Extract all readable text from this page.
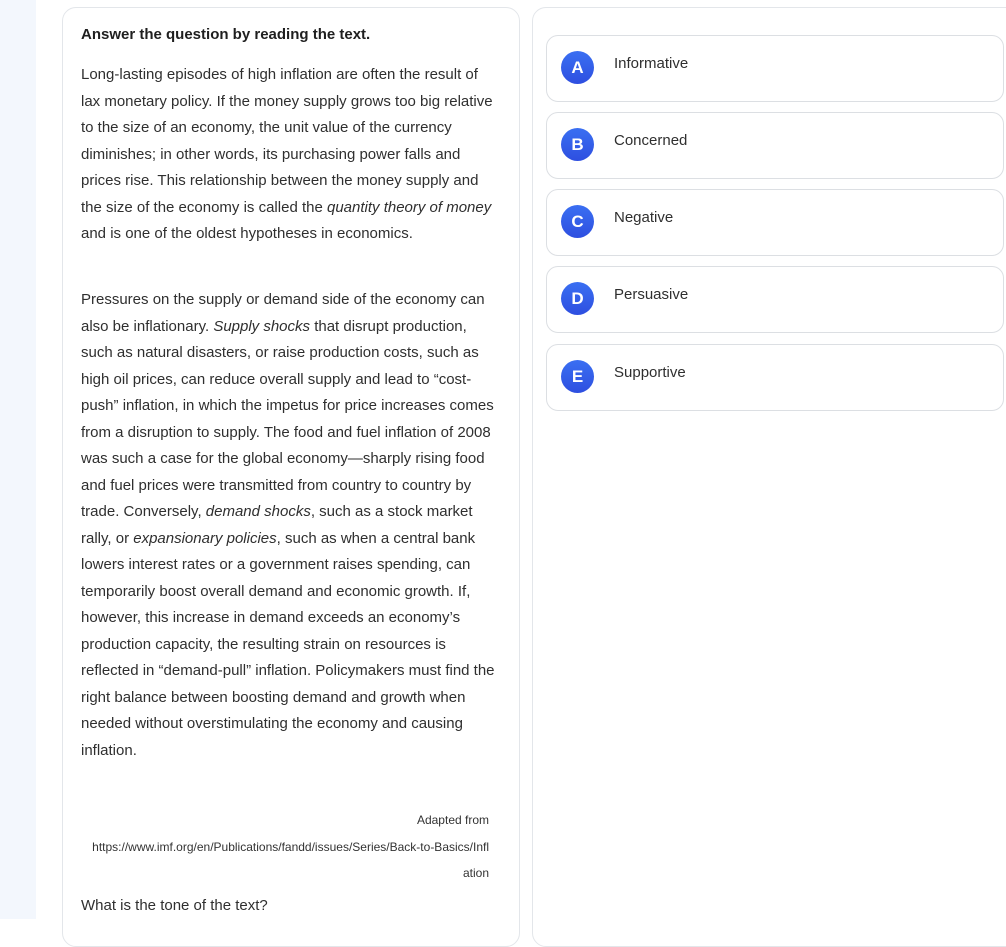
Answer the question by reading the text.

Long-lasting episodes of high inflation are often the result of lax monetary policy. If the money supply grows too big relative to the size of an economy, the unit value of the currency diminishes; in other words, its purchasing power falls and prices rise. This relationship between the money supply and the size of the economy is called the quantity theory of money and is one of the oldest hypotheses in economics.

Pressures on the supply or demand side of the economy can also be inflationary. Supply shocks that disrupt production, such as natural disasters, or raise production costs, such as high oil prices, can reduce overall supply and lead to “cost-push” inflation, in which the impetus for price increases comes from a disruption to supply. The food and fuel inflation of 2008 was such a case for the global economy—sharply rising food and fuel prices were transmitted from country to country by trade. Conversely, demand shocks, such as a stock market rally, or expansionary policies, such as when a central bank lowers interest rates or a government raises spending, can temporarily boost overall demand and economic growth. If, however, this increase in demand exceeds an economy’s production capacity, the resulting strain on resources is reflected in “demand-pull” inflation. Policymakers must find the right balance between boosting demand and growth when needed without overstimulating the economy and causing inflation.

Adapted from
https://www.imf.org/en/Publications/fandd/issues/Series/Back-to-Basics/Inflation

What is the tone of the text?

A	Informative
B	Concerned
C	Negative
D	Persuasive
E	Supportive
